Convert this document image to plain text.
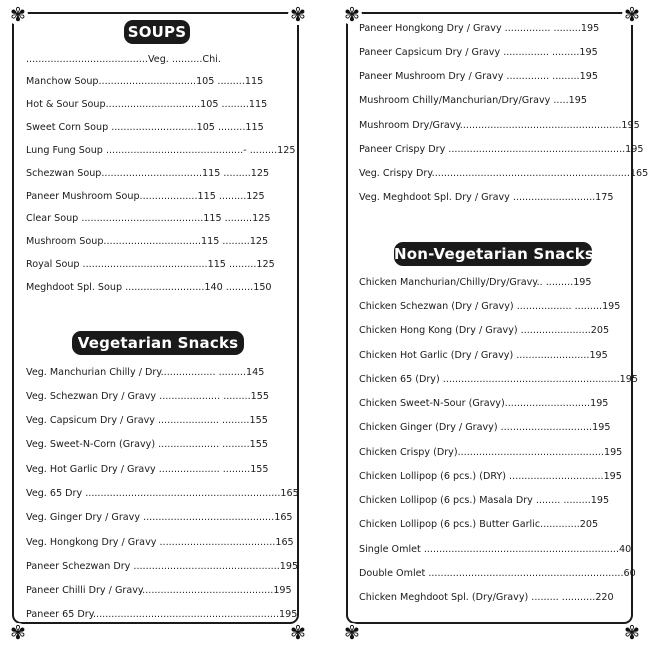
✾	✾
✾	✾
✾	✾
✾	✾
SOUPS
Vegetarian Snacks
Non-Vegetarian Snacks
........................................Veg. ..........Chi.
Manchow Soup................................105 .........115
Hot & Sour Soup...............................105 .........115
Sweet Corn Soup ............................105 .........115
Lung Fung Soup .............................................- .........125
Schezwan Soup.................................115 .........125
Paneer Mushroom Soup...................115 .........125
Clear Soup ........................................115 .........125
Mushroom Soup................................115 .........125
Royal Soup .........................................115 .........125
Meghdoot Spl. Soup ..........................140 .........150
Veg. Manchurian Chilly / Dry.................. .........145
Veg. Schezwan Dry / Gravy .................... .........155
Veg. Capsicum Dry / Gravy .................... .........155
Veg. Sweet-N-Corn (Gravy) .................... .........155
Veg. Hot Garlic Dry / Gravy .................... .........155
Veg. 65 Dry ................................................................165
Veg. Ginger Dry / Gravy ...........................................165
Veg. Hongkong Dry / Gravy ......................................165
Paneer Schezwan Dry ................................................195
Paneer Chilli Dry / Gravy...........................................195
Paneer 65 Dry.............................................................195
Paneer Hongkong Dry / Gravy ............... .........195
Paneer Capsicum Dry / Gravy ............... .........195
Paneer Mushroom Dry / Gravy .............. .........195
Mushroom Chilly/Manchurian/Dry/Gravy .....195
Mushroom Dry/Gravy.....................................................195
Paneer Crispy Dry ..........................................................195
Veg. Crispy Dry.................................................................165
Veg. Meghdoot Spl. Dry / Gravy ...........................175
Chicken Manchurian/Chilly/Dry/Gravy.. .........195
Chicken Schezwan (Dry / Gravy) .................. .........195
Chicken Hong Kong (Dry / Gravy) .......................205
Chicken Hot Garlic (Dry / Gravy) ........................195
Chicken 65 (Dry) ..........................................................195
Chicken Sweet-N-Sour (Gravy)............................195
Chicken Ginger (Dry / Gravy) ..............................195
Chicken Crispy (Dry)................................................195
Chicken Lollipop (6 pcs.) (DRY) ...............................195
Chicken Lollipop (6 pcs.) Masala Dry ........ .........195
Chicken Lollipop (6 pcs.) Butter Garlic.............205
Single Omlet ................................................................40
Double Omlet ................................................................60
Chicken Meghdoot Spl. (Dry/Gravy) ......... ...........220
